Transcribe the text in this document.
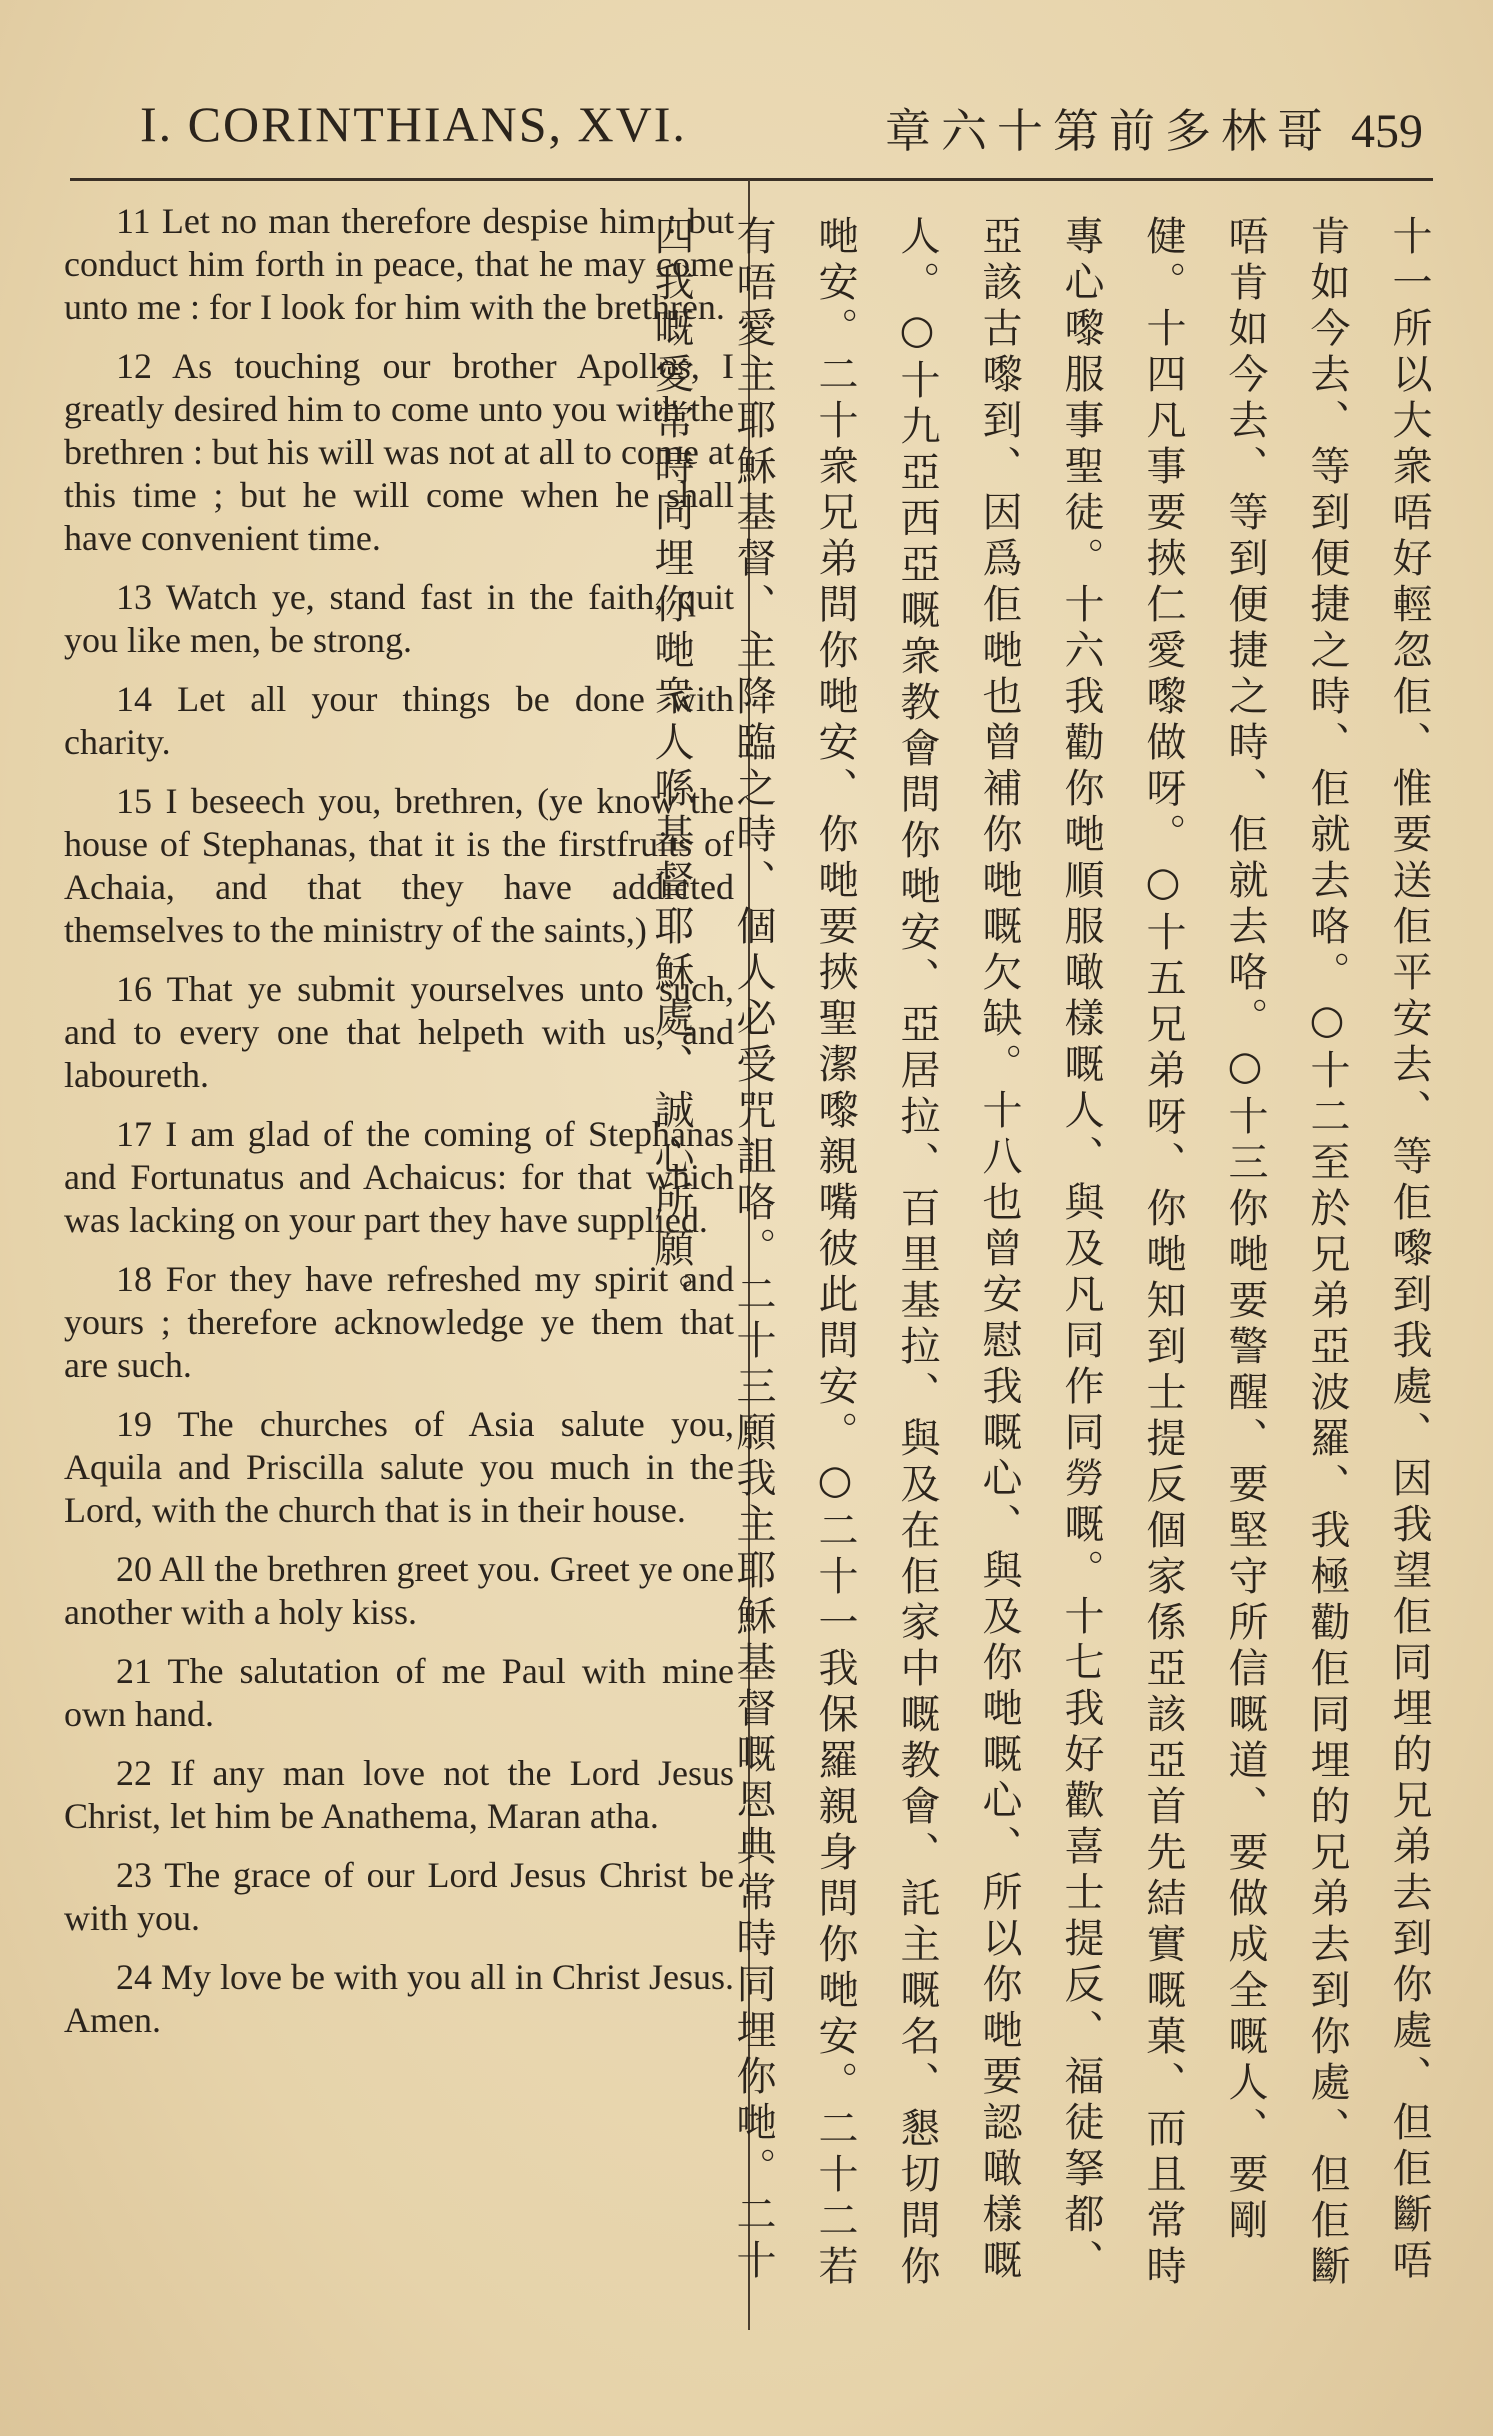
I. CORINTHIANS, XVI.	章六十第前多林哥 459

11 Let no man therefore despise him : but conduct him forth in peace, that he may come unto me : for I look for him with the brethren.

12 As touching our brother Apollos, I greatly desired him to come unto you with the brethren : but his will was not at all to come at this time ; but he will come when he shall have convenient time.

13 Watch ye, stand fast in the faith, quit you like men, be strong.

14 Let all your things be done with charity.

15 I beseech you, brethren, (ye know the house of Stephanas, that it is the firstfruits of Achaia, and that they have addicted themselves to the ministry of the saints,)

16 That ye submit yourselves unto such, and to every one that helpeth with us, and laboureth.

17 I am glad of the coming of Stephanas and Fortunatus and Achaicus: for that which was lacking on your part they have supplied.

18 For they have refreshed my spirit and yours ; therefore acknowledge ye them that are such.

19 The churches of Asia salute you, Aquila and Priscilla salute you much in the Lord, with the church that is in their house.

20 All the brethren greet you. Greet ye one another with a holy kiss.

21 The salutation of me Paul with mine own hand.

22 If any man love not the Lord Jesus Christ, let him be Anathema, Maran atha.

23 The grace of our Lord Jesus Christ be with you.

24 My love be with you all in Christ Jesus. Amen.	十一所以大衆唔好輕忽佢、惟要送佢平安去、等佢嚟到我處、因我望佢同埋的兄弟去到你處、但佢斷唔肯如今去、等到便捷之時、佢就去咯。○十二至於兄弟亞波羅、我極勸佢同埋的兄弟去到你處、但佢斷唔肯如今去、等到便捷之時、佢就去咯。○十三你哋要警醒、要堅守所信嘅道、要做成全嘅人、要剛健。十四凡事要挾仁愛嚟做呀。○十五兄弟呀、你哋知到士提反個家係亞該亞首先結實嘅菓、而且常時專心嚟服事聖徒。十六我勸你哋順服噉樣嘅人、與及凡同作同勞嘅。十七我好歡喜士提反、福徒拏都、亞該古嚟到、因爲佢哋也曾補你哋嘅欠缺。十八也曾安慰我嘅心、與及你哋嘅心、所以你哋要認噉樣嘅人。○十九亞西亞嘅衆教會問你哋安、亞居拉、百里基拉、與及在佢家中嘅教會、託主嘅名、懇切問你哋安。二十衆兄弟問你哋安、你哋要挾聖潔嚟親嘴彼此問安。○二十一我保羅親身問你哋安。二十二若有唔愛主耶穌基督、主降臨之時、個人必受咒詛咯。二十三願我主耶穌基督嘅恩典常時同埋你哋。二十四我嘅愛常時同埋你哋衆人喺基督耶穌處、誠心所願。
